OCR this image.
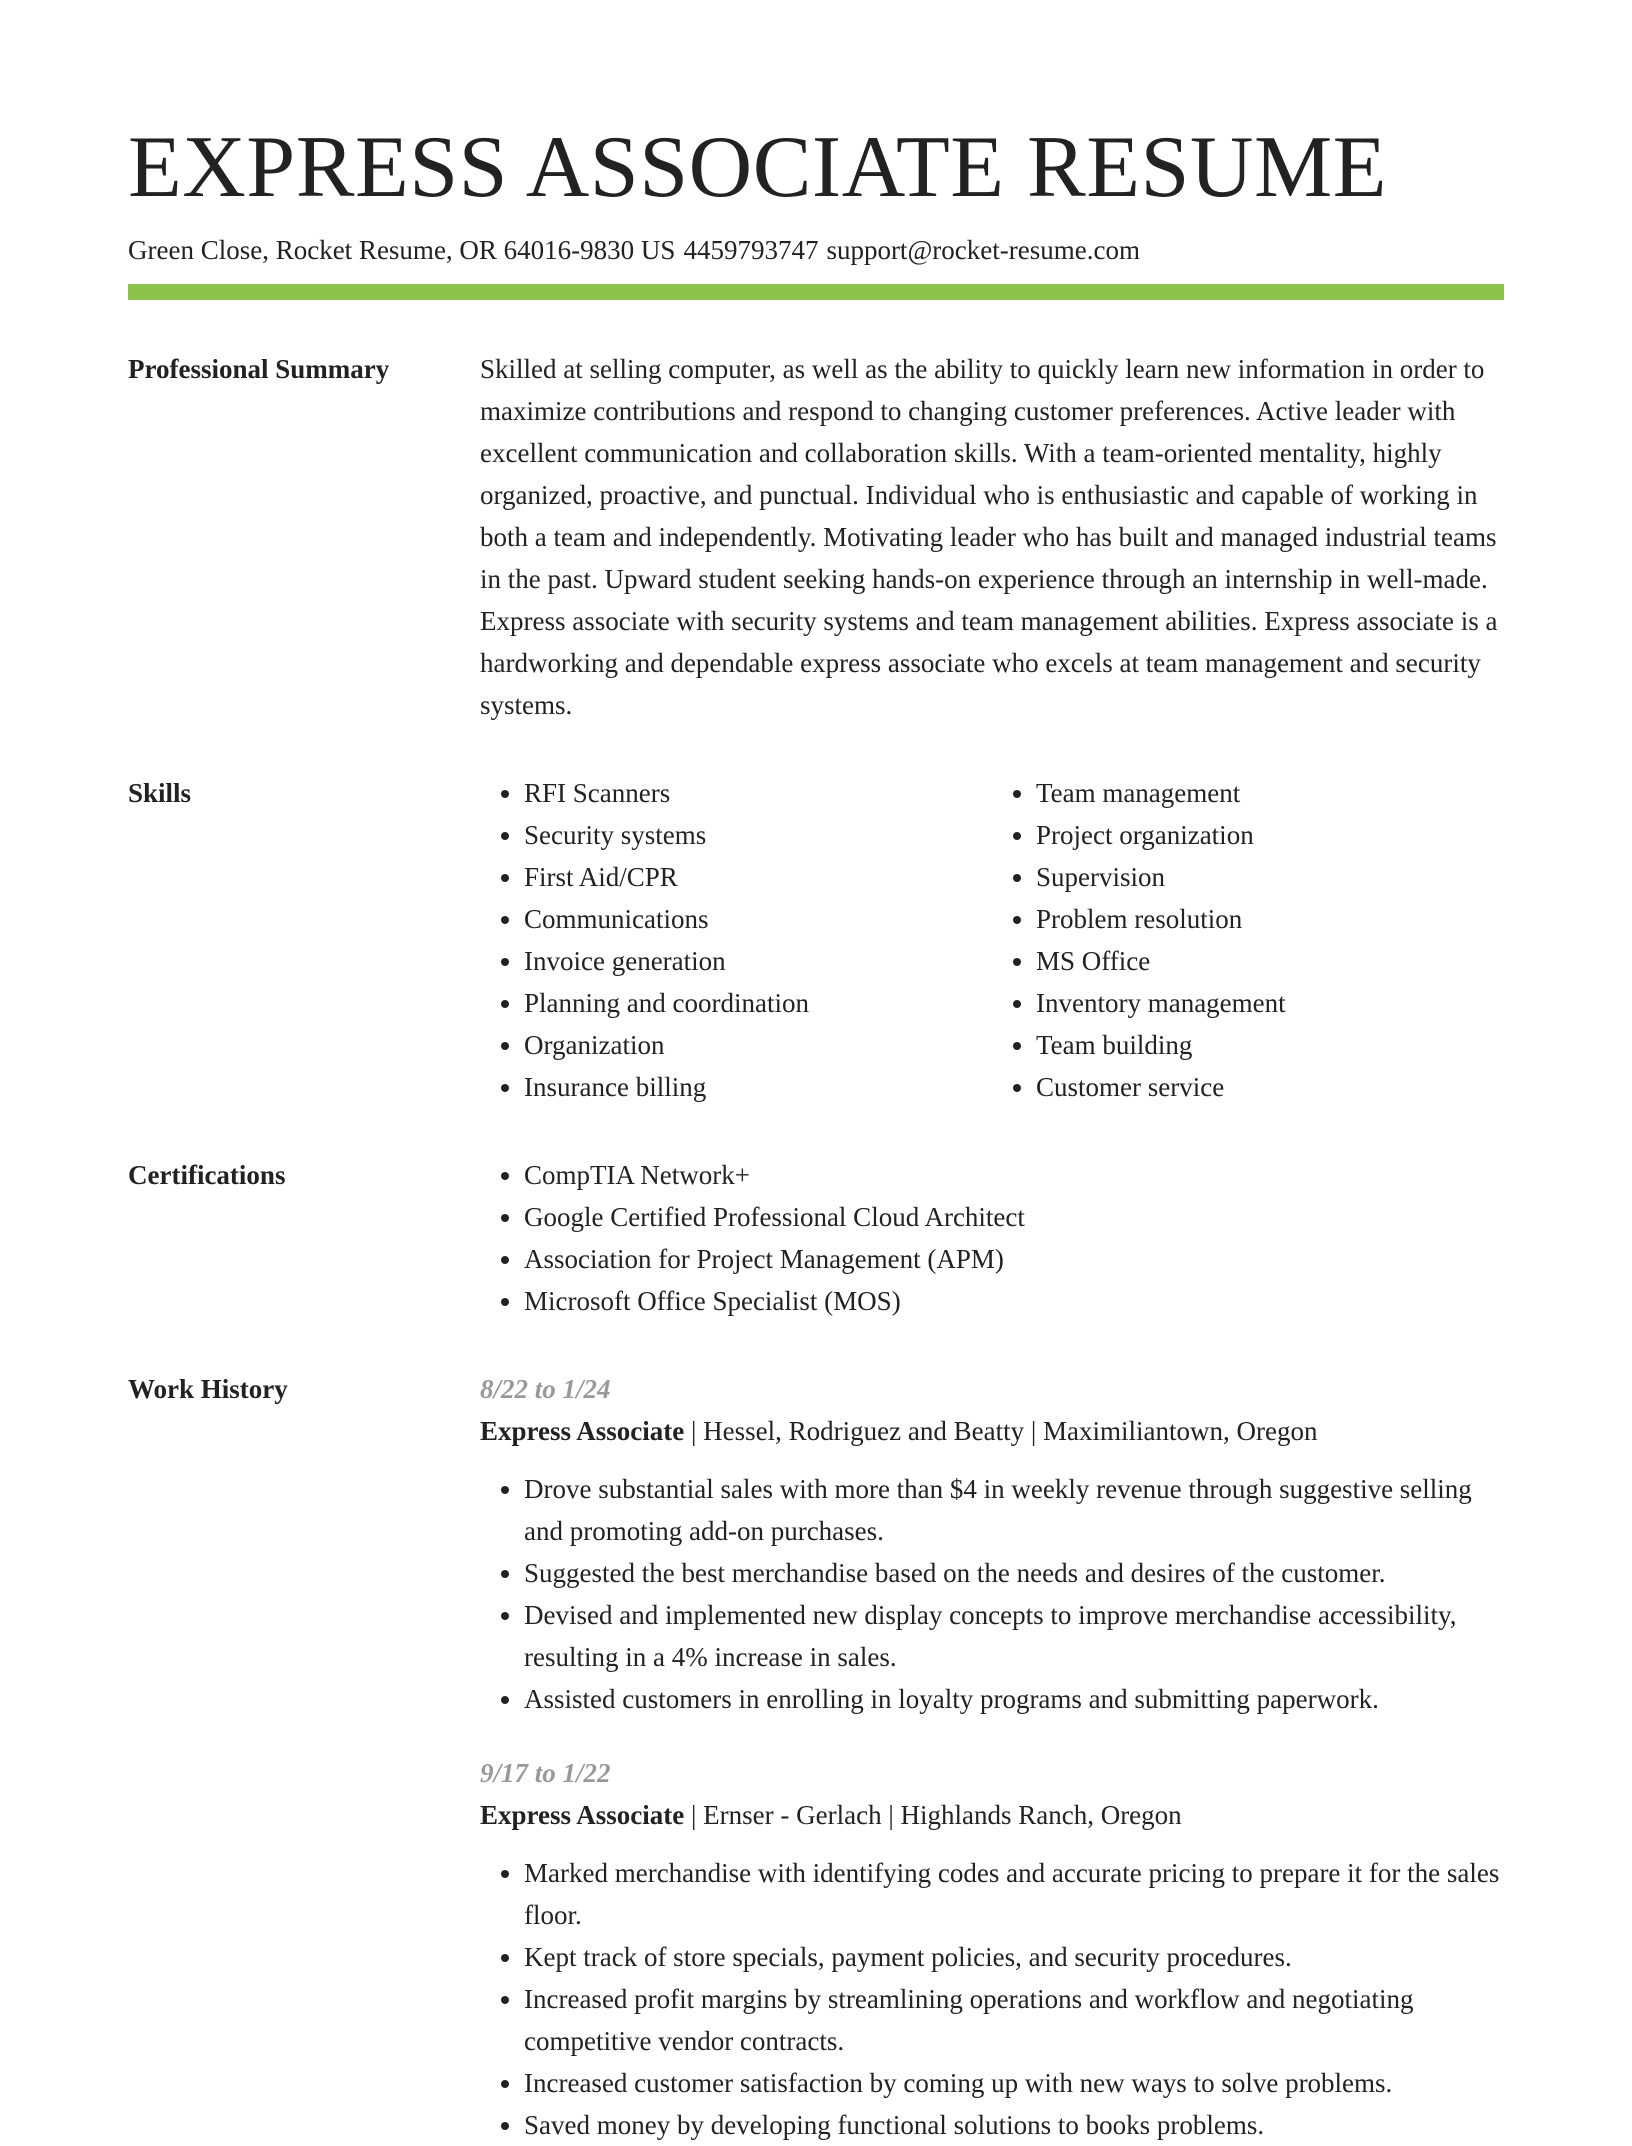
EXPRESS ASSOCIATE RESUME
Green Close, Rocket Resume, OR 64016-9830 US 4459793747 support@rocket-resume.com
Professional Summary	Skilled at selling computer, as well as the ability to quickly learn new information in order to maximize contributions and respond to changing customer preferences. Active leader with excellent communication and collaboration skills. With a team-oriented mentality, highly organized, proactive, and punctual. Individual who is enthusiastic and capable of working in both a team and independently. Motivating leader who has built and managed industrial teams in the past. Upward student seeking hands-on experience through an internship in well-made. Express associate with security systems and team management abilities. Express associate is a hardworking and dependable express associate who excels at team management and security systems.

Skills	• RFI Scanners
• Security systems
• First Aid/CPR
• Communications
• Invoice generation
• Planning and coordination
• Organization
• Insurance billing
• Team management
• Project organization
• Supervision
• Problem resolution
• MS Office
• Inventory management
• Team building
• Customer service
Certifications	• CompTIA Network+
• Google Certified Professional Cloud Architect
• Association for Project Management (APM)
• Microsoft Office Specialist (MOS)
Work History	8/22 to 1/24
Express Associate | Hessel, Rodriguez and Beatty | Maximiliantown, Oregon
• Drove substantial sales with more than $4 in weekly revenue through suggestive selling and promoting add-on purchases.
• Suggested the best merchandise based on the needs and desires of the customer.
• Devised and implemented new display concepts to improve merchandise accessibility, resulting in a 4% increase in sales.
• Assisted customers in enrolling in loyalty programs and submitting paperwork.
9/17 to 1/22
Express Associate | Ernser - Gerlach | Highlands Ranch, Oregon
• Marked merchandise with identifying codes and accurate pricing to prepare it for the sales floor.
• Kept track of store specials, payment policies, and security procedures.
• Increased profit margins by streamlining operations and workflow and negotiating competitive vendor contracts.
• Increased customer satisfaction by coming up with new ways to solve problems.
• Saved money by developing functional solutions to books problems.
